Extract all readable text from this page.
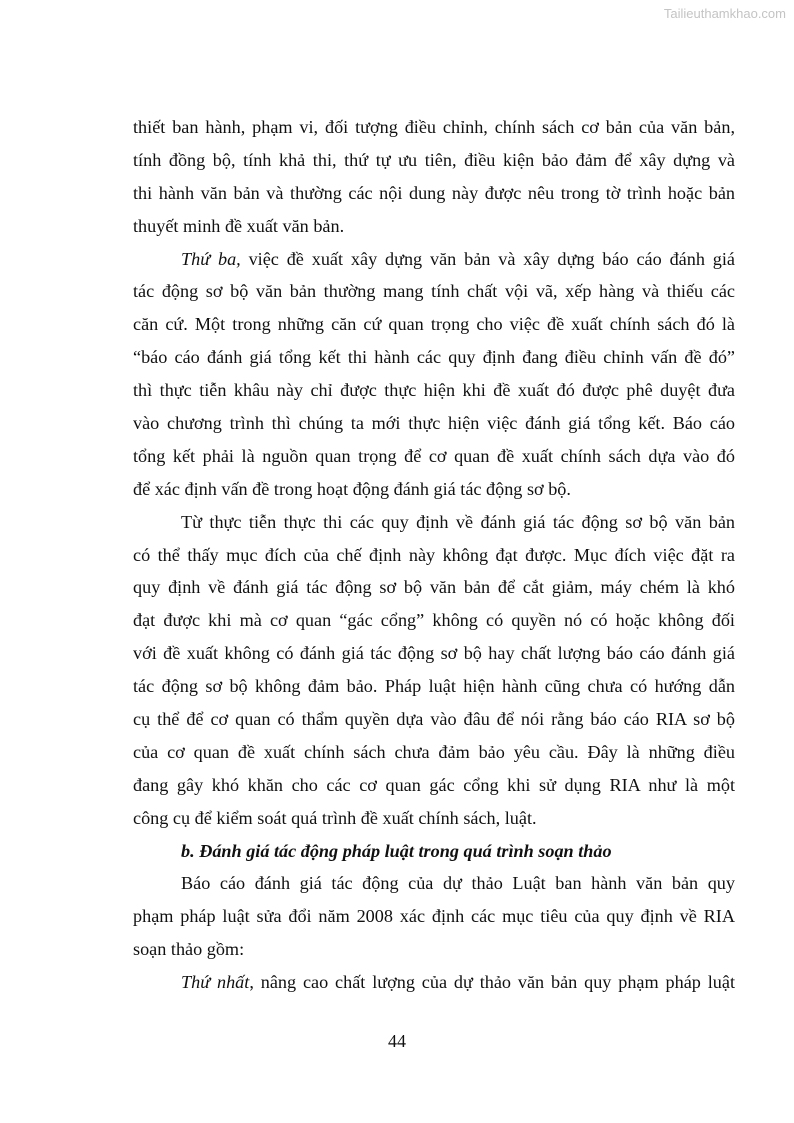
Tailieuthamkhao.com
thiết ban hành, phạm vi, đối tượng điều chỉnh, chính sách cơ bản của văn bản,
tính đồng bộ, tính khả thi, thứ tự ưu tiên, điều kiện bảo đảm để xây dựng và
thi hành văn bản và thường các nội dung này được nêu trong tờ trình hoặc bản
thuyết minh đề xuất văn bản.
Thứ ba, việc đề xuất xây dựng văn bản và xây dựng báo cáo đánh giá
tác động sơ bộ văn bản thường mang tính chất vội vã, xếp hàng và thiếu các
căn cứ. Một trong những căn cứ quan trọng cho việc đề xuất chính sách đó là
“báo cáo đánh giá tổng kết thi hành các quy định đang điều chỉnh vấn đề đó”
thì thực tiễn khâu này chỉ được thực hiện khi đề xuất đó được phê duyệt đưa
vào chương trình thì chúng ta mới thực hiện việc đánh giá tổng kết. Báo cáo
tổng kết phải là nguồn quan trọng để cơ quan đề xuất chính sách dựa vào đó
để xác định vấn đề trong hoạt động đánh giá tác động sơ bộ.
Từ thực tiễn thực thi các quy định về đánh giá tác động sơ bộ văn bản
có thể thấy mục đích của chế định này không đạt được. Mục đích việc đặt ra
quy định về đánh giá tác động sơ bộ văn bản để cắt giảm, máy chém là khó
đạt được khi mà cơ quan “gác cổng” không có quyền nó có hoặc không đối
với đề xuất không có đánh giá tác động sơ bộ hay chất lượng báo cáo đánh giá
tác động sơ bộ không đảm bảo. Pháp luật hiện hành cũng chưa có hướng dẫn
cụ thể để cơ quan có thẩm quyền dựa vào đâu để nói rằng báo cáo RIA sơ bộ
của cơ quan đề xuất chính sách chưa đảm bảo yêu cầu. Đây là những điều
đang gây khó khăn cho các cơ quan gác cổng khi sử dụng RIA như là một
công cụ để kiểm soát quá trình đề xuất chính sách, luật.
b. Đánh giá tác động pháp luật trong quá trình soạn thảo
Báo cáo đánh giá tác động của dự thảo Luật ban hành văn bản quy
phạm pháp luật sửa đổi năm 2008 xác định các mục tiêu của quy định về RIA
soạn thảo gồm:
Thứ nhất, nâng cao chất lượng của dự thảo văn bản quy phạm pháp luật
44
